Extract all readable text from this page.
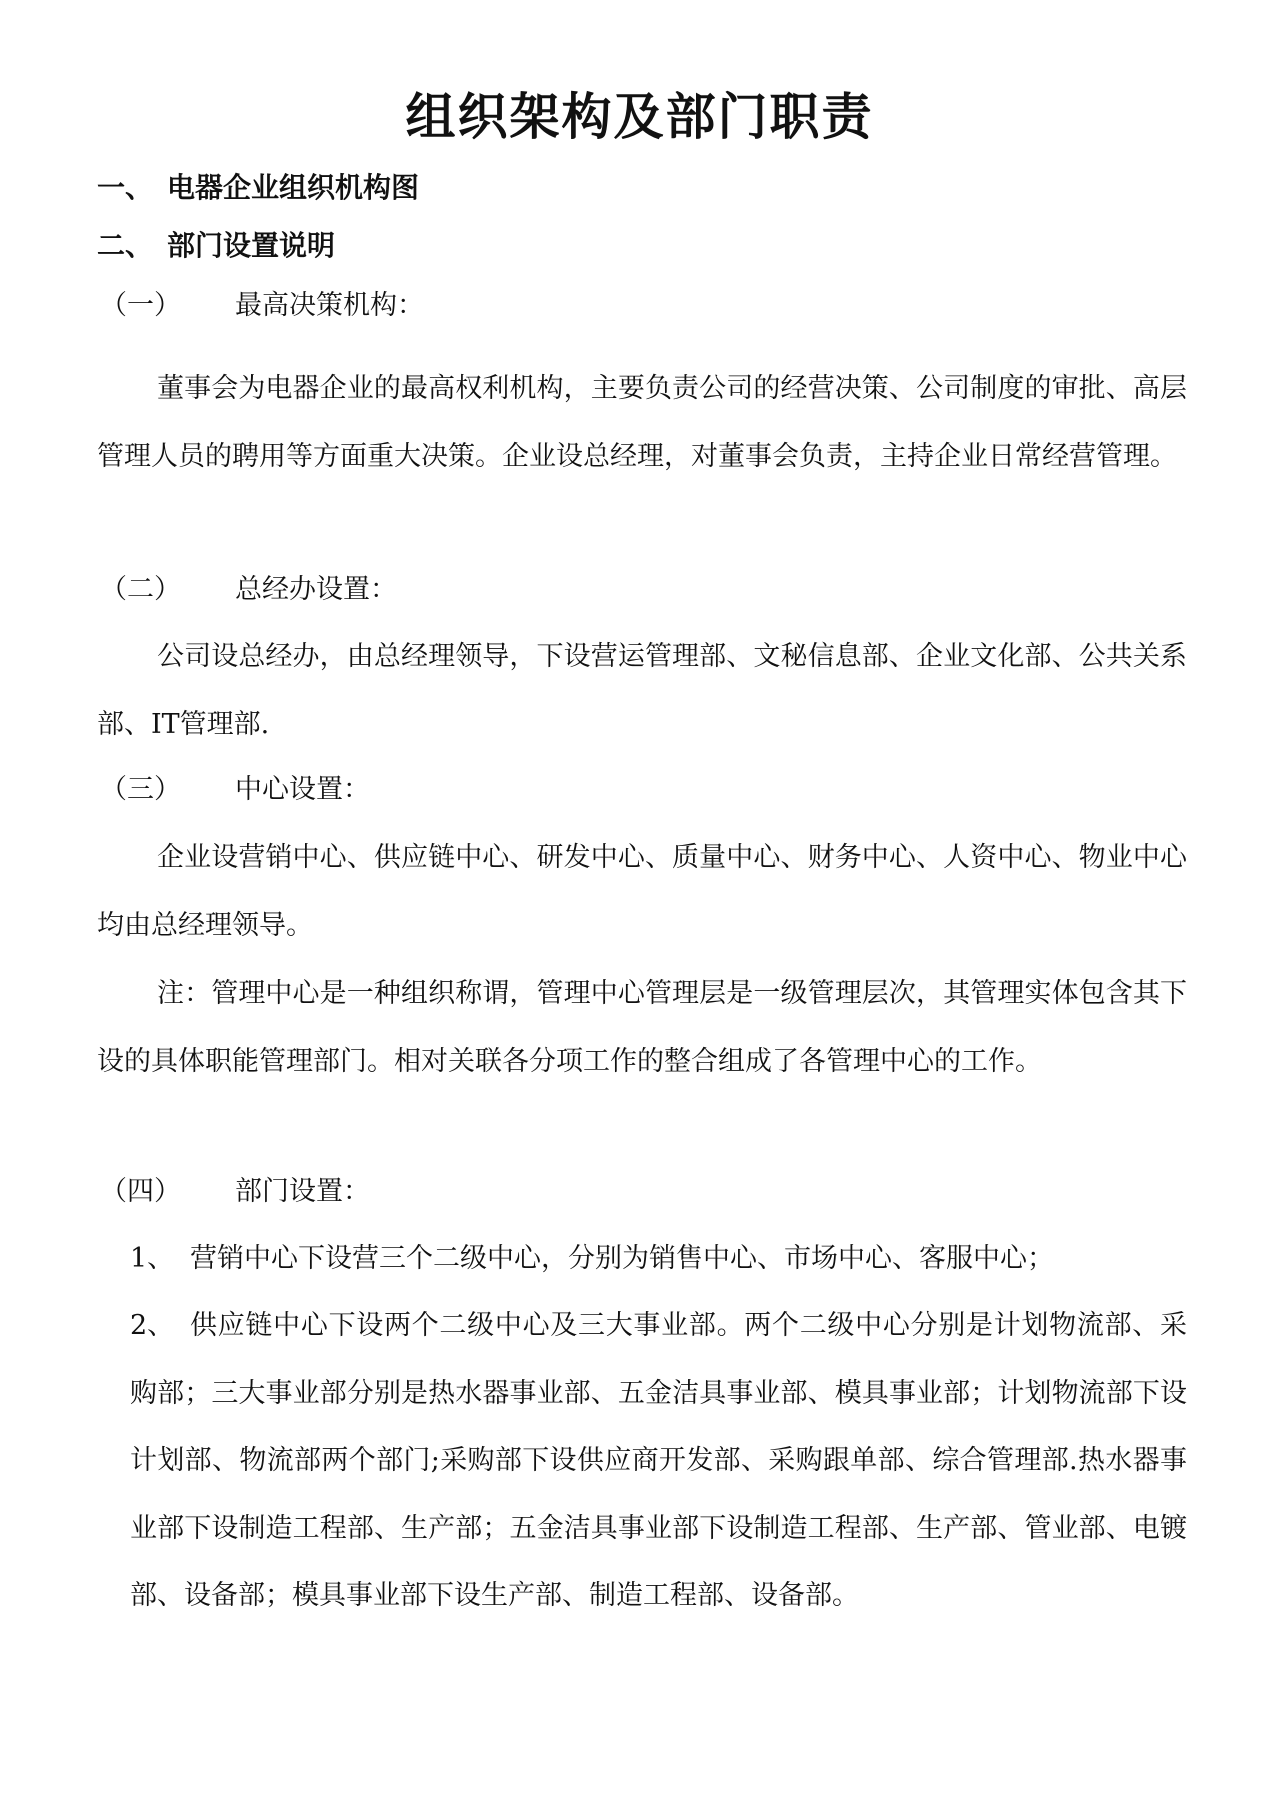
组织架构及部门职责
一、 电器企业组织机构图
二、 部门设置说明
（一） 最高决策机构：

董事会为电器企业的最高权利机构，主要负责公司的经营决策、公司制度的审批、高层管理人员的聘用等方面重大决策。企业设总经理，对董事会负责，主持企业日常经营管理。

（二） 总经办设置：

公司设总经办，由总经理领导，下设营运管理部、文秘信息部、企业文化部、公共关系部、IT管理部.

（三） 中心设置：

企业设营销中心、供应链中心、研发中心、质量中心、财务中心、人资中心、物业中心均由总经理领导。

注：管理中心是一种组织称谓，管理中心管理层是一级管理层次，其管理实体包含其下设的具体职能管理部门。相对关联各分项工作的整合组成了各管理中心的工作。

（四） 部门设置：
1、 营销中心下设营三个二级中心，分别为销售中心、市场中心、客服中心；
2、 供应链中心下设两个二级中心及三大事业部。两个二级中心分别是计划物流部、采购部；三大事业部分别是热水器事业部、五金洁具事业部、模具事业部；计划物流部下设计划部、物流部两个部门;采购部下设供应商开发部、采购跟单部、综合管理部.热水器事业部下设制造工程部、生产部；五金洁具事业部下设制造工程部、生产部、管业部、电镀部、设备部；模具事业部下设生产部、制造工程部、设备部。
